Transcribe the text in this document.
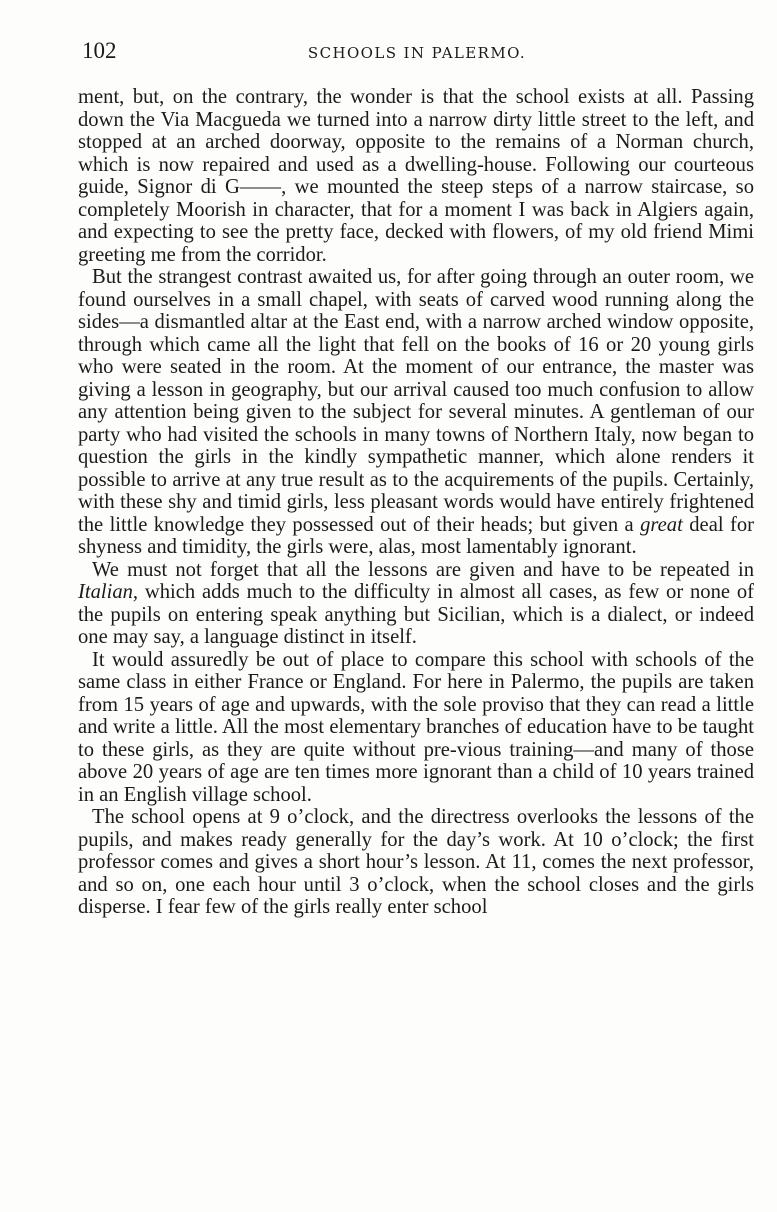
102	SCHOOLS IN PALERMO.

ment, but, on the contrary, the wonder is that the school exists at all. Passing down the Via Macgueda we turned into a narrow dirty little street to the left, and stopped at an arched doorway, opposite to the remains of a Norman church, which is now repaired and used as a dwelling-house. Following our courteous guide, Signor di G——, we mounted the steep steps of a narrow staircase, so completely Moorish in character, that for a moment I was back in Algiers again, and expecting to see the pretty face, decked with flowers, of my old friend Mimi greeting me from the corridor.

But the strangest contrast awaited us, for after going through an outer room, we found ourselves in a small chapel, with seats of carved wood running along the sides—a dismantled altar at the East end, with a narrow arched window opposite, through which came all the light that fell on the books of 16 or 20 young girls who were seated in the room. At the moment of our entrance, the master was giving a lesson in geography, but our arrival caused too much confusion to allow any attention being given to the subject for several minutes. A gentleman of our party who had visited the schools in many towns of Northern Italy, now began to question the girls in the kindly sympathetic manner, which alone renders it possible to arrive at any true result as to the acquirements of the pupils. Certainly, with these shy and timid girls, less pleasant words would have entirely frightened the little knowledge they possessed out of their heads; but given a great deal for shyness and timidity, the girls were, alas, most lamentably ignorant.

We must not forget that all the lessons are given and have to be repeated in Italian, which adds much to the difficulty in almost all cases, as few or none of the pupils on entering speak anything but Sicilian, which is a dialect, or indeed one may say, a language distinct in itself.

It would assuredly be out of place to compare this school with schools of the same class in either France or England. For here in Palermo, the pupils are taken from 15 years of age and upwards, with the sole proviso that they can read a little and write a little. All the most elementary branches of education have to be taught to these girls, as they are quite without pre-vious training—and many of those above 20 years of age are ten times more ignorant than a child of 10 years trained in an English village school.

The school opens at 9 o’clock, and the directress overlooks the lessons of the pupils, and makes ready generally for the day’s work. At 10 o’clock; the first professor comes and gives a short hour’s lesson. At 11, comes the next professor, and so on, one each hour until 3 o’clock, when the school closes and the girls disperse. I fear few of the girls really enter school
